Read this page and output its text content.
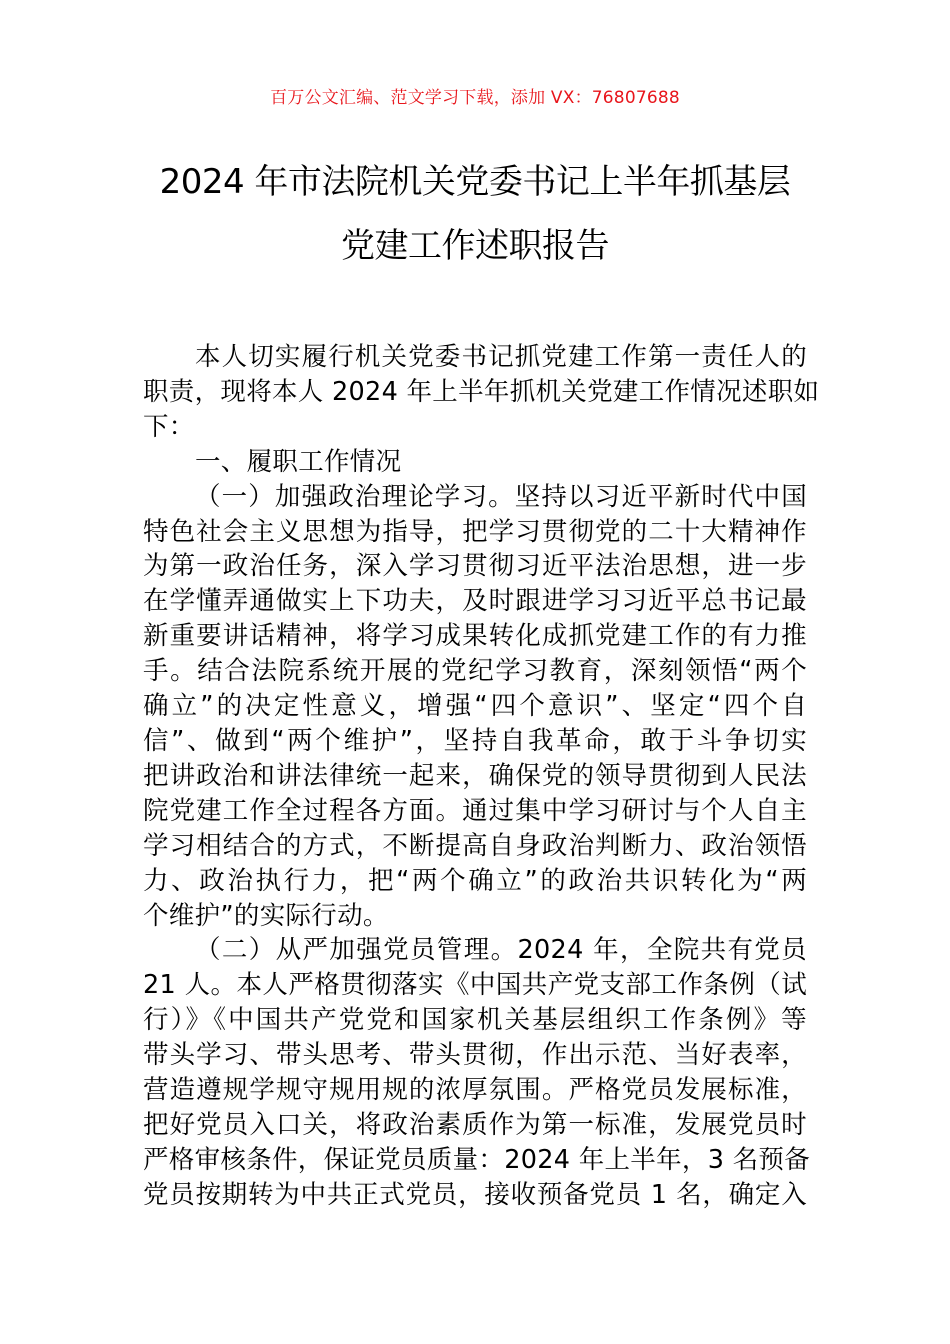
百万公文汇编、范文学习下载，添加 VX：76807688
2024 年市法院机关党委书记上半年抓基层
党建工作述职报告

本人切实履行机关党委书记抓党建工作第一责任人的
职责，现将本人 2024 年上半年抓机关党建工作情况述职如
下：

一、履职工作情况

（一）加强政治理论学习。坚持以习近平新时代中国
特色社会主义思想为指导，把学习贯彻党的二十大精神作
为第一政治任务，深入学习贯彻习近平法治思想，进一步
在学懂弄通做实上下功夫，及时跟进学习习近平总书记最
新重要讲话精神，将学习成果转化成抓党建工作的有力推
手。结合法院系统开展的党纪学习教育，深刻领悟“两个
确立”的决定性意义，增强“四个意识”、坚定“四个自
信”、做到“两个维护”，坚持自我革命，敢于斗争切实
把讲政治和讲法律统一起来，确保党的领导贯彻到人民法
院党建工作全过程各方面。通过集中学习研讨与个人自主
学习相结合的方式，不断提高自身政治判断力、政治领悟
力、政治执行力，把“两个确立”的政治共识转化为“两
个维护”的实际行动。

（二）从严加强党员管理。2024 年，全院共有党员
21 人。本人严格贯彻落实《中国共产党支部工作条例（试
行）》《中国共产党党和国家机关基层组织工作条例》等
带头学习、带头思考、带头贯彻，作出示范、当好表率，
营造遵规学规守规用规的浓厚氛围。严格党员发展标准，
把好党员入口关，将政治素质作为第一标准，发展党员时
严格审核条件，保证党员质量：2024 年上半年，3 名预备
党员按期转为中共正式党员，接收预备党员 1 名，确定入
